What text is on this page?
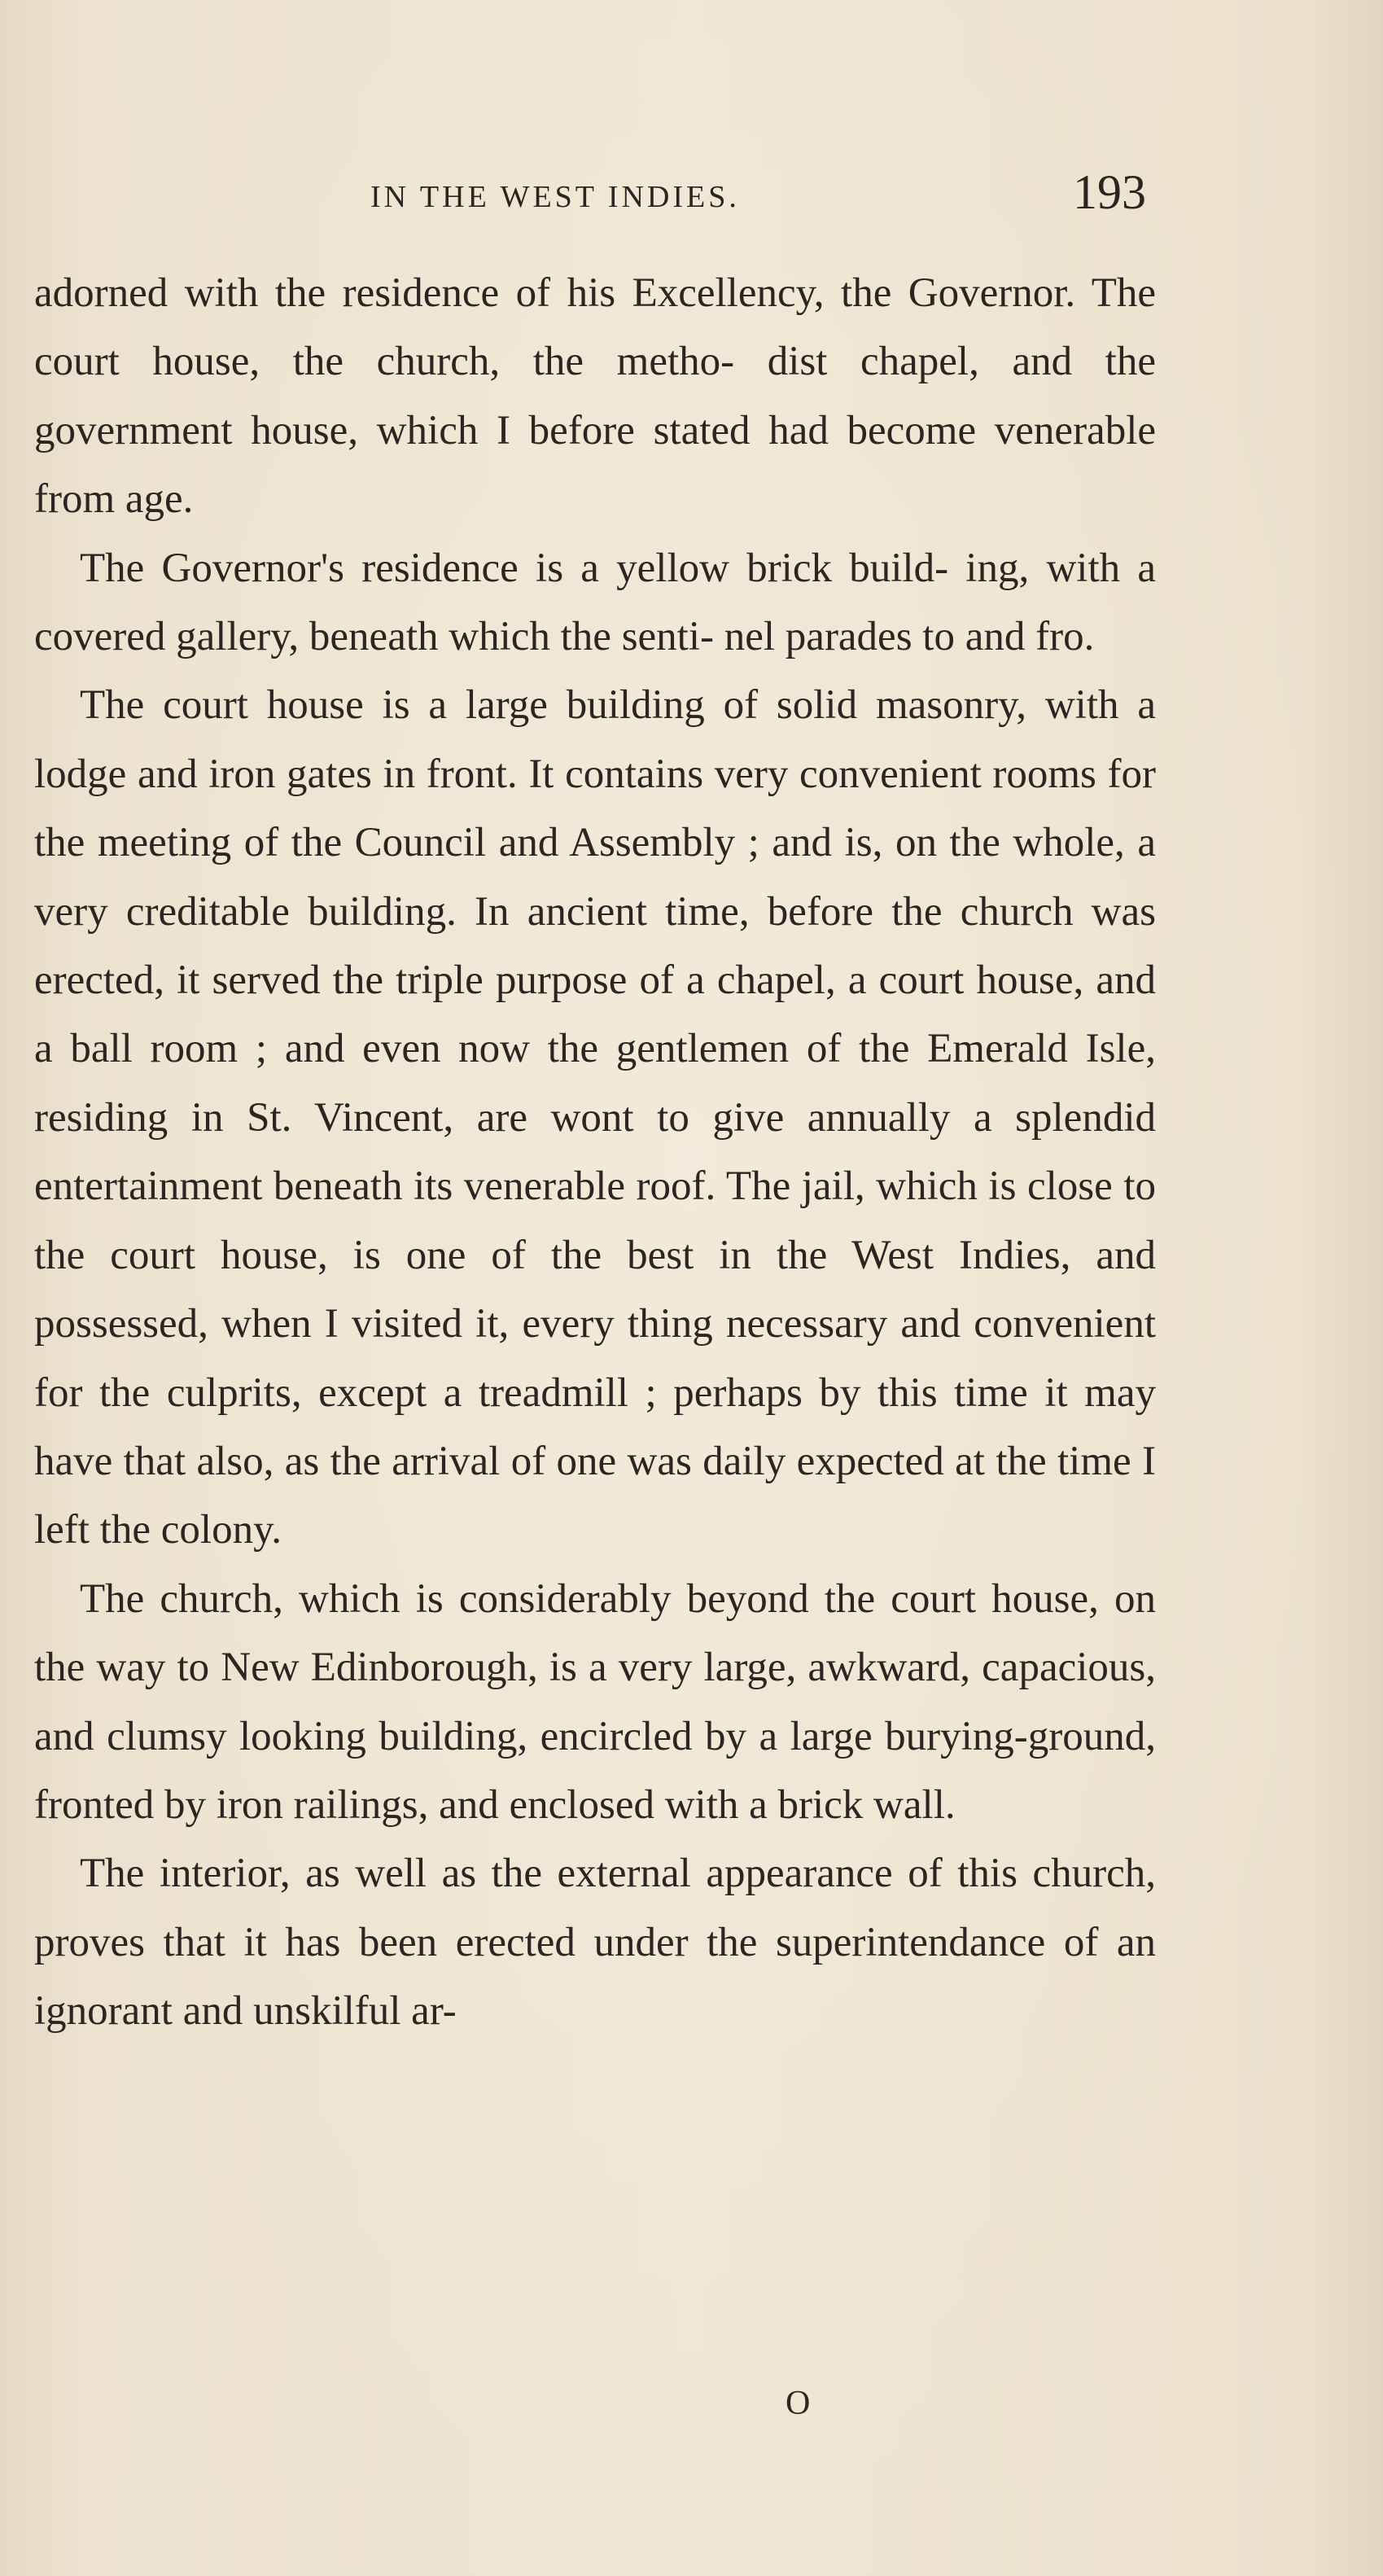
IN THE WEST INDIES.	193

adorned with the residence of his Excellency, the Governor. The court house, the church, the metho- dist chapel, and the government house, which I before stated had become venerable from age.

The Governor's residence is a yellow brick build- ing, with a covered gallery, beneath which the senti- nel parades to and fro.

The court house is a large building of solid masonry, with a lodge and iron gates in front. It contains very convenient rooms for the meeting of the Council and Assembly ; and is, on the whole, a very creditable building. In ancient time, before the church was erected, it served the triple purpose of a chapel, a court house, and a ball room ; and even now the gentlemen of the Emerald Isle, residing in St. Vincent, are wont to give annually a splendid entertainment beneath its venerable roof. The jail, which is close to the court house, is one of the best in the West Indies, and possessed, when I visited it, every thing necessary and convenient for the culprits, except a treadmill ; perhaps by this time it may have that also, as the arrival of one was daily expected at the time I left the colony.

The church, which is considerably beyond the court house, on the way to New Edinborough, is a very large, awkward, capacious, and clumsy looking building, encircled by a large burying-ground, fronted by iron railings, and enclosed with a brick wall.

The interior, as well as the external appearance of this church, proves that it has been erected under the superintendance of an ignorant and unskilful ar-

O
